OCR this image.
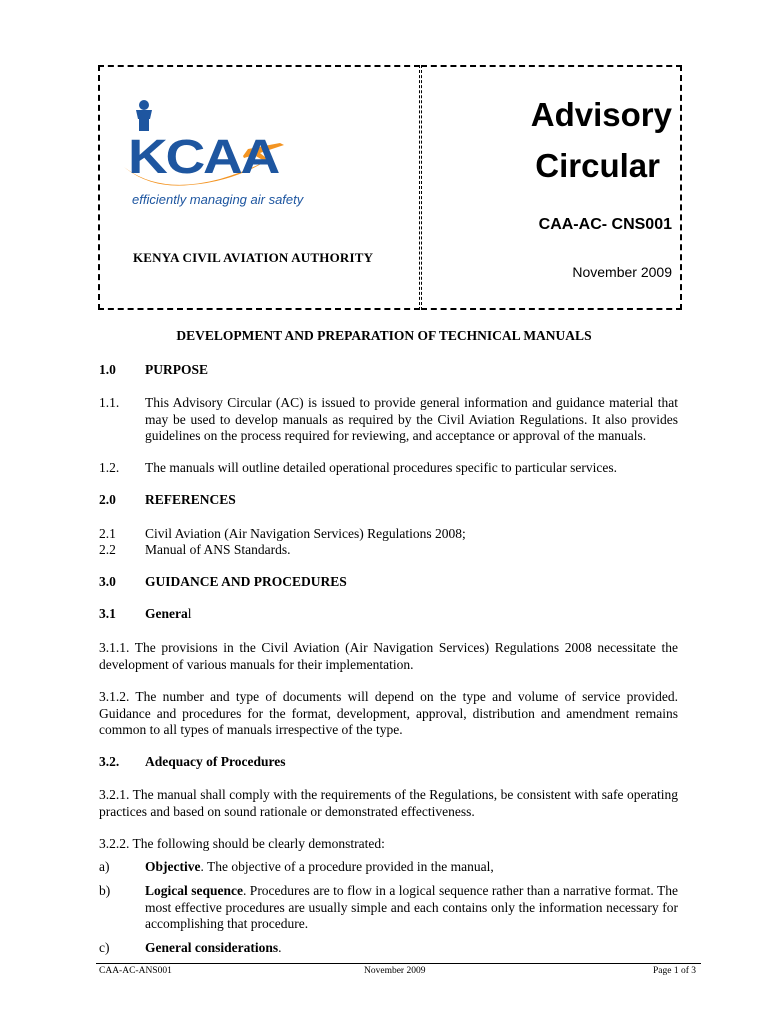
KCAA
efficiently managing air safety
KENYA CIVIL AVIATION AUTHORITY
Advisory
Circular
CAA-AC- CNS001
November 2009
DEVELOPMENT AND PREPARATION OF TECHNICAL MANUALS
1.0 PURPOSE
1.1. This Advisory Circular (AC) is issued to provide general information and guidance material that may be used to develop manuals as required by the Civil Aviation Regulations. It also provides guidelines on the process required for reviewing, and acceptance or approval of the manuals.
1.2. The manuals will outline detailed operational procedures specific to particular services.
2.0 REFERENCES
2.1 Civil Aviation (Air Navigation Services) Regulations 2008;
2.2 Manual of ANS Standards.
3.0 GUIDANCE AND PROCEDURES
3.1 General
3.1.1. The provisions in the Civil Aviation (Air Navigation Services) Regulations 2008 necessitate the development of various manuals for their implementation.
3.1.2. The number and type of documents will depend on the type and volume of service provided. Guidance and procedures for the format, development, approval, distribution and amendment remains common to all types of manuals irrespective of the type.
3.2. Adequacy of Procedures
3.2.1. The manual shall comply with the requirements of the Regulations, be consistent with safe operating practices and based on sound rationale or demonstrated effectiveness.
3.2.2. The following should be clearly demonstrated:
a)	Objective. The objective of a procedure provided in the manual,
b)	Logical sequence. Procedures are to flow in a logical sequence rather than a narrative format. The most effective procedures are usually simple and each contains only the information necessary for accomplishing that procedure.
c)	General considerations.
CAA-AC-ANS001	November 2009	Page 1 of 3
